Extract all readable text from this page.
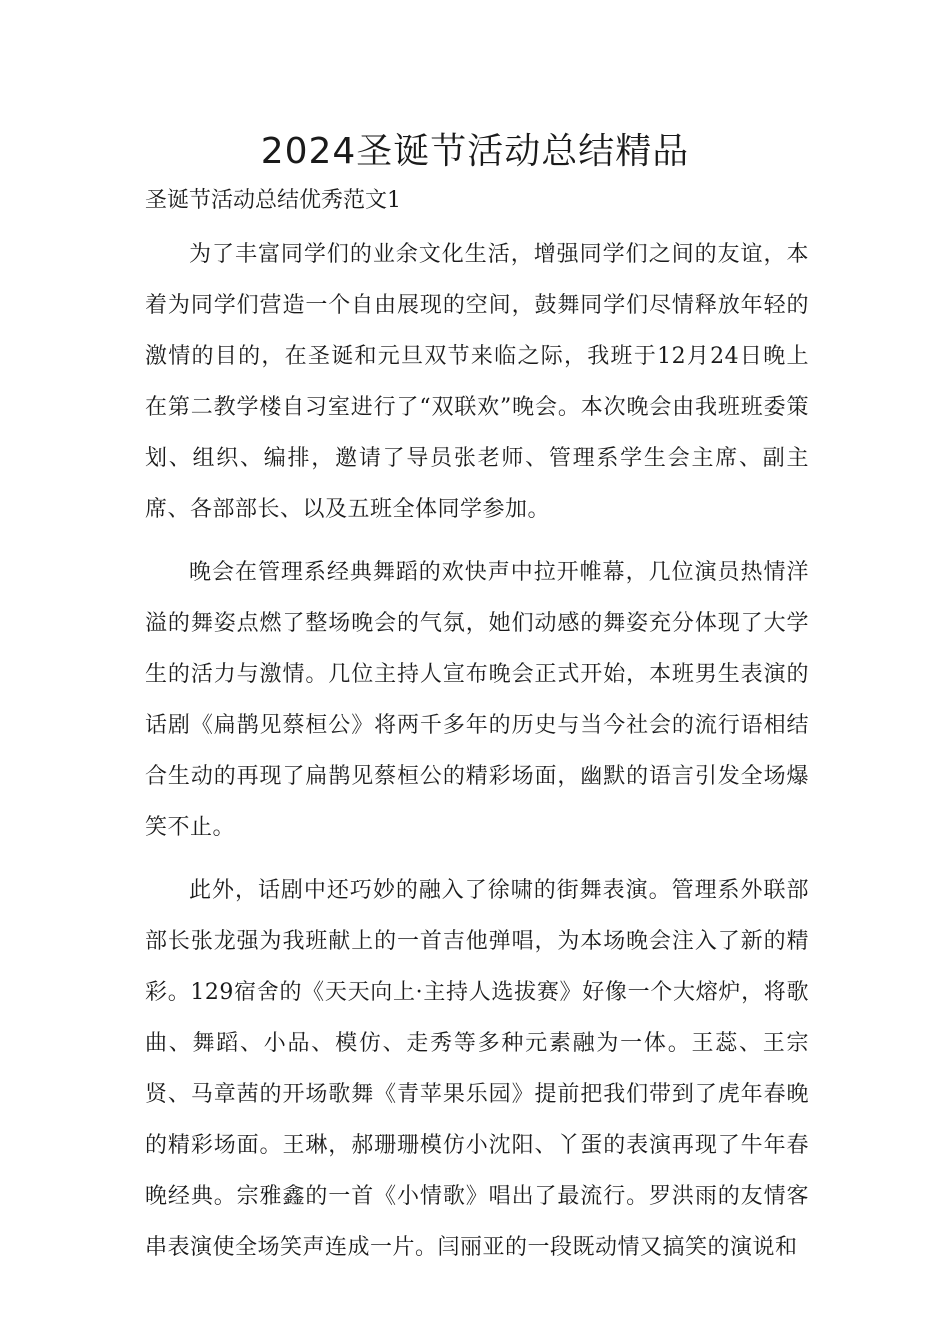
2024圣诞节活动总结精品

圣诞节活动总结优秀范文1

为了丰富同学们的业余文化生活，增强同学们之间的友谊，本着为同学们营造一个自由展现的空间，鼓舞同学们尽情释放年轻的激情的目的，在圣诞和元旦双节来临之际，我班于12月24日晚上在第二教学楼自习室进行了“双联欢”晚会。本次晚会由我班班委策划、组织、编排，邀请了导员张老师、管理系学生会主席、副主席、各部部长、以及五班全体同学参加。

晚会在管理系经典舞蹈的欢快声中拉开帷幕，几位演员热情洋溢的舞姿点燃了整场晚会的气氛，她们动感的舞姿充分体现了大学生的活力与激情。几位主持人宣布晚会正式开始，本班男生表演的话剧《扁鹊见蔡桓公》将两千多年的历史与当今社会的流行语相结合生动的再现了扁鹊见蔡桓公的精彩场面，幽默的语言引发全场爆笑不止。

此外，话剧中还巧妙的融入了徐啸的街舞表演。管理系外联部部长张龙强为我班献上的一首吉他弹唱，为本场晚会注入了新的精彩。129宿舍的《天天向上·主持人选拔赛》好像一个大熔炉，将歌曲、舞蹈、小品、模仿、走秀等多种元素融为一体。王蕊、王宗贤、马章茜的开场歌舞《青苹果乐园》提前把我们带到了虎年春晚的精彩场面。王琳，郝珊珊模仿小沈阳、丫蛋的表演再现了牛年春晚经典。宗雅鑫的一首《小情歌》唱出了最流行。罗洪雨的友情客串表演使全场笑声连成一片。闫丽亚的一段既动情又搞笑的演说和
